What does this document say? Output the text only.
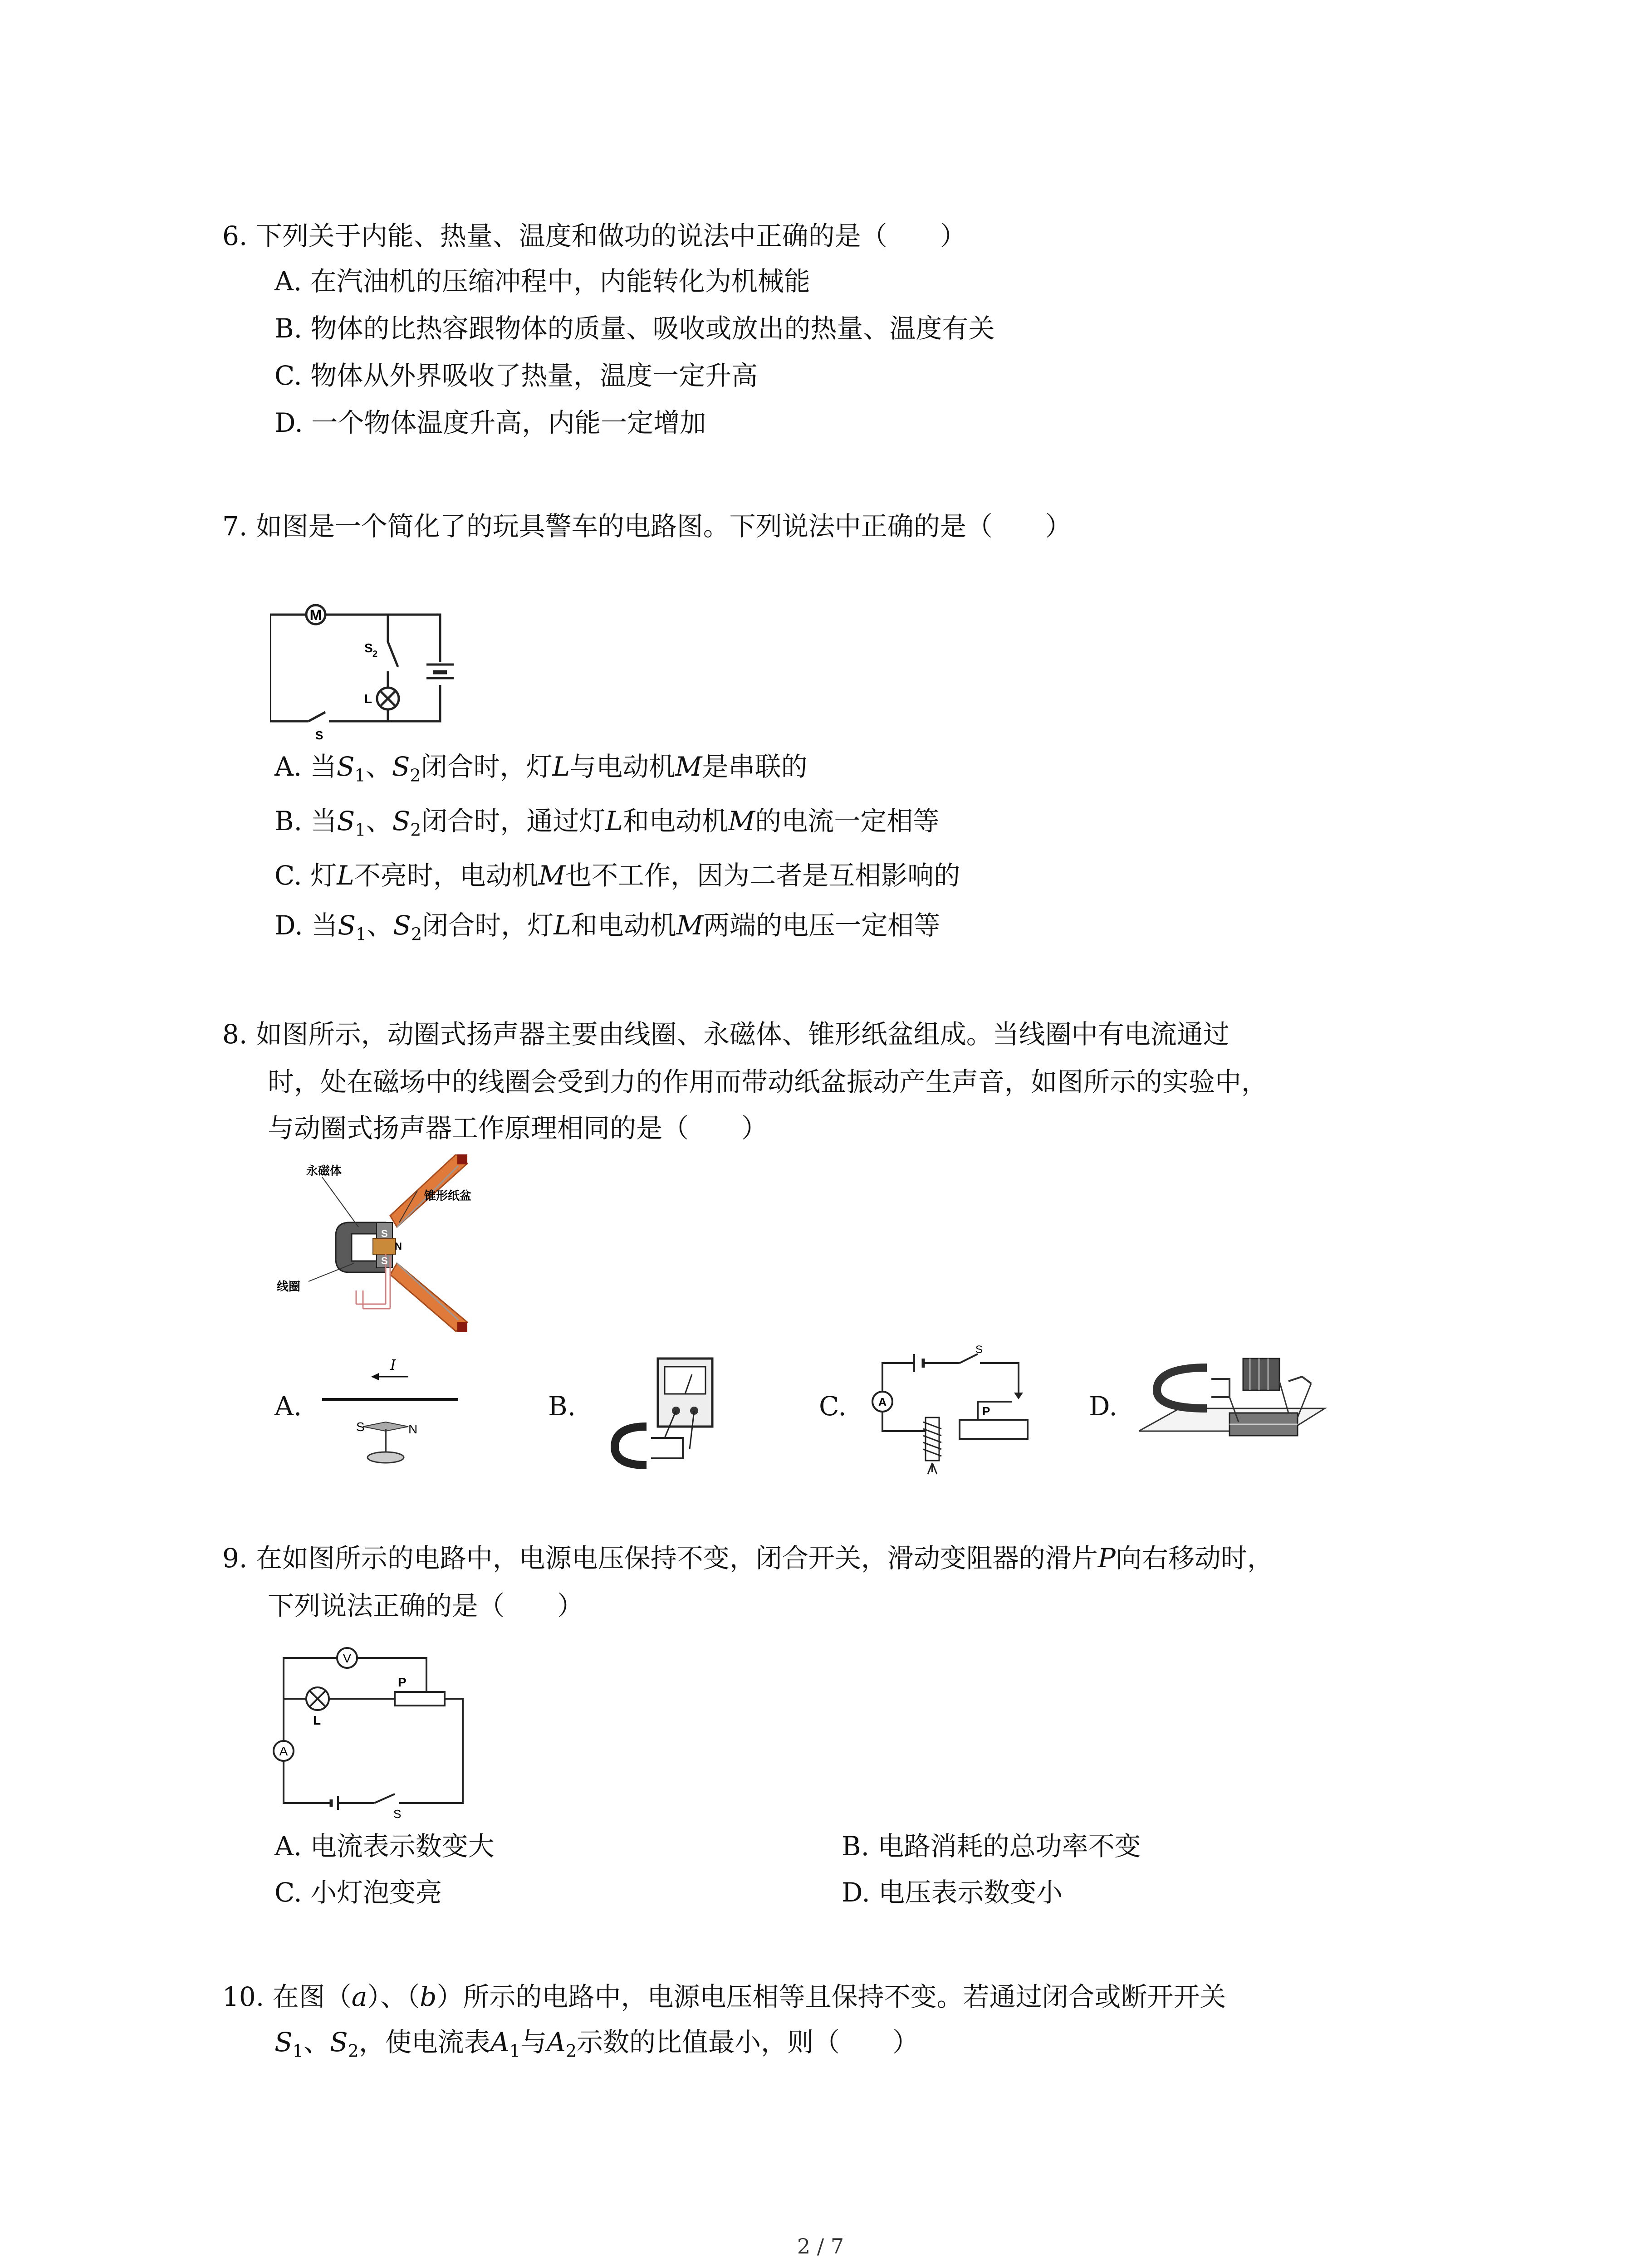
6. 下列关于内能、热量、温度和做功的说法中正确的是（　　）
A. 在汽油机的压缩冲程中，内能转化为机械能
B. 物体的比热容跟物体的质量、吸收或放出的热量、温度有关
C. 物体从外界吸收了热量，温度一定升高
D. 一个物体温度升高，内能一定增加
7. 如图是一个简化了的玩具警车的电路图。下列说法中正确的是（　　）
M
S 2
L
S
A. 当$S_1$、$S_2$闭合时，灯L与电动机M是串联的
B. 当$S_1$、$S_2$闭合时，通过灯L和电动机M的电流一定相等
C. 灯L不亮时，电动机M也不工作，因为二者是互相影响的
D. 当$S_1$、$S_2$闭合时，灯L和电动机M两端的电压一定相等
8. 如图所示，动圈式扬声器主要由线圈、永磁体、锥形纸盆组成。当线圈中有电流通过
时，处在磁场中的线圈会受到力的作用而带动纸盆振动产生声音，如图所示的实验中，
与动圈式扬声器工作原理相同的是（　　）
永磁体
锥形纸盆
线圈
S
N
S
A.
I
S	N
B.	C.	A
S
P	D.
9. 在如图所示的电路中，电源电压保持不变，闭合开关，滑动变阻器的滑片P向右移动时，
下列说法正确的是（　　）
V
A
P
L
S
A. 电流表示数变大	B. 电路消耗的总功率不变
C. 小灯泡变亮	D. 电压表示数变小
10. 在图（a）、（b）所示的电路中，电源电压相等且保持不变。若通过闭合或断开开关
$S_1$、$S_2$，使电流表$A_1$与$A_2$示数的比值最小，则（　　）
2 / 7
